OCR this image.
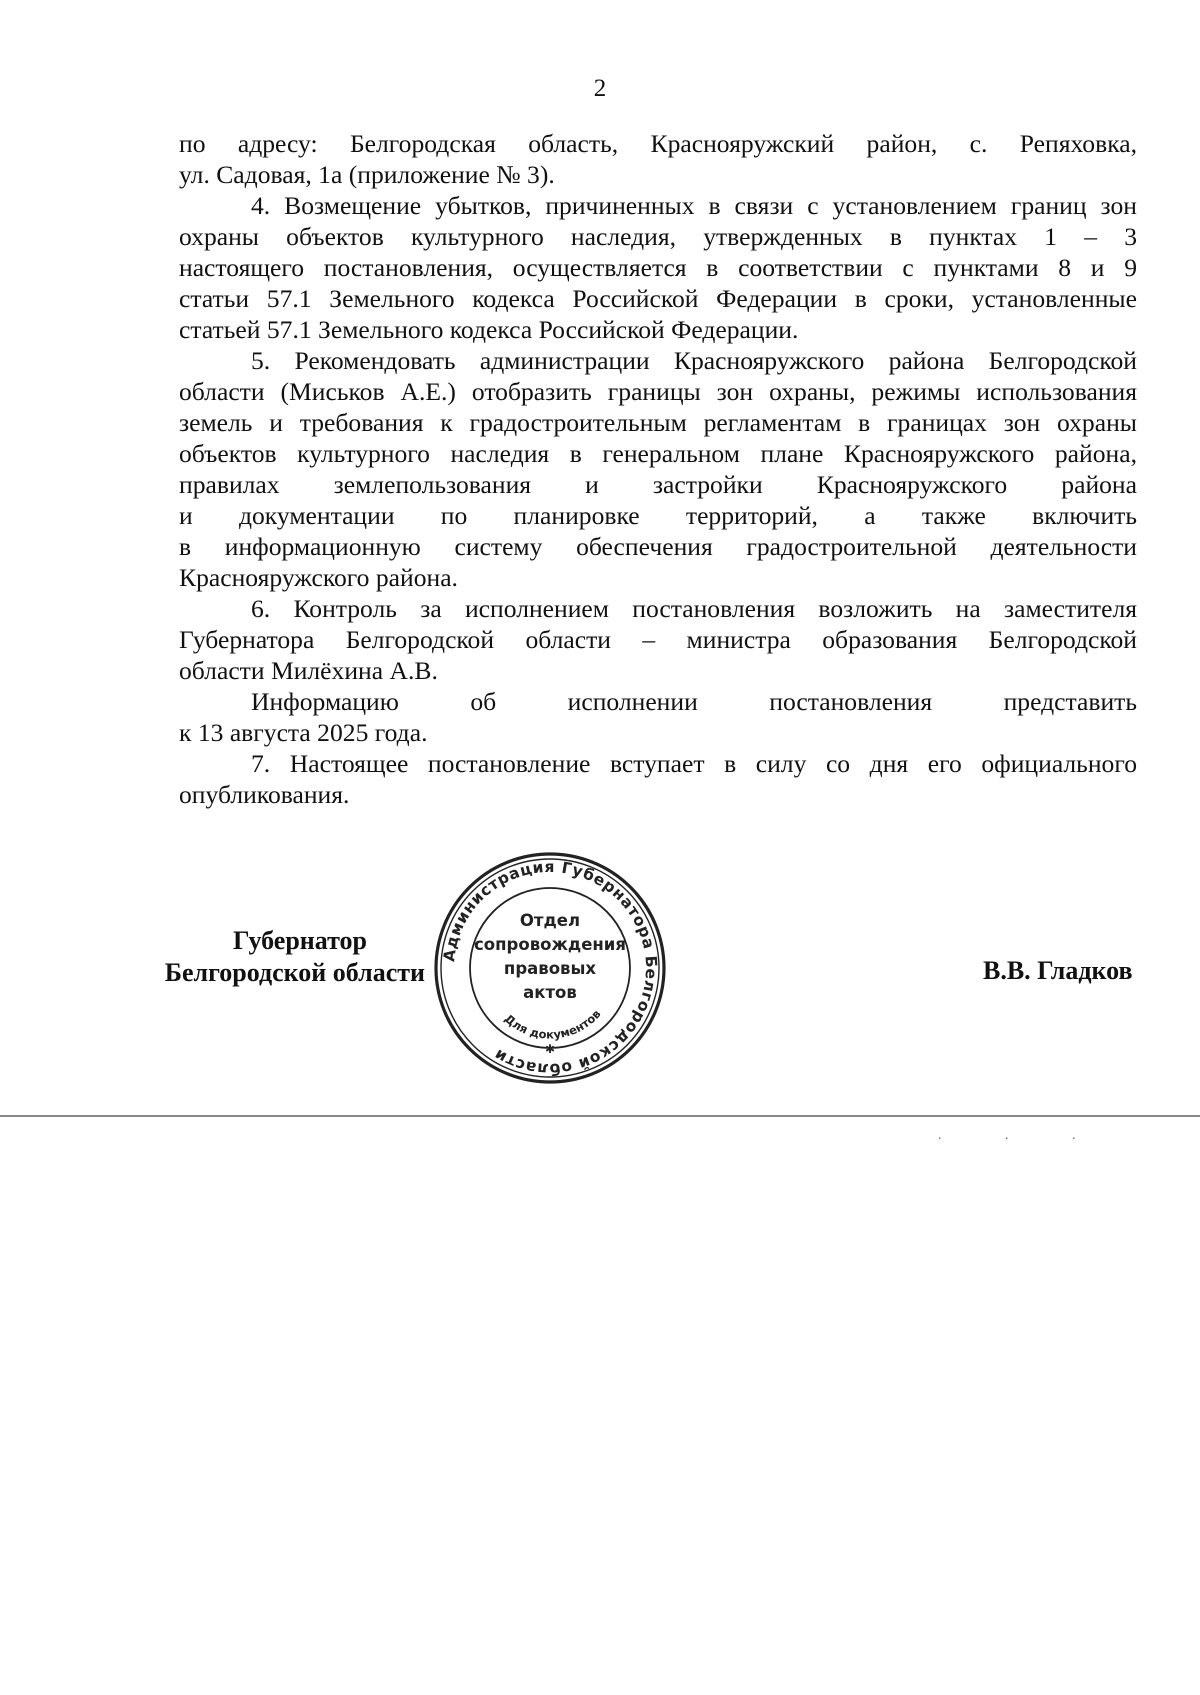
2
по адресу: Белгородская область, Краснояружский район, с. Репяховка,
ул. Садовая, 1а (приложение № 3).
4. Возмещение убытков, причиненных в связи с установлением границ зон
охраны объектов культурного наследия, утвержденных в пунктах 1 – 3
настоящего постановления, осуществляется в соответствии с пунктами 8 и 9
статьи 57.1 Земельного кодекса Российской Федерации в сроки, установленные
статьей 57.1 Земельного кодекса Российской Федерации.
5. Рекомендовать администрации Краснояружского района Белгородской
области (Миськов А.Е.) отобразить границы зон охраны, режимы использования
земель и требования к градостроительным регламентам в границах зон охраны
объектов культурного наследия в генеральном плане Краснояружского района,
правилах землепользования и застройки Краснояружского района
и документации по планировке территорий, а также включить
в информационную систему обеспечения градостроительной деятельности
Краснояружского района.
6. Контроль за исполнением постановления возложить на заместителя
Губернатора Белгородской области – министра образования Белгородской
области Милёхина А.В.
Информацию об исполнении постановления представить
к 13 августа 2025 года.
7. Настоящее постановление вступает в силу со дня его официального
опубликования.
Губернатор
Белгородской области
Администрация Губернатора Белгородской области
Для документов
Отдел
сопровождения
правовых
актов
✱
В.В. Гладков
. . .
